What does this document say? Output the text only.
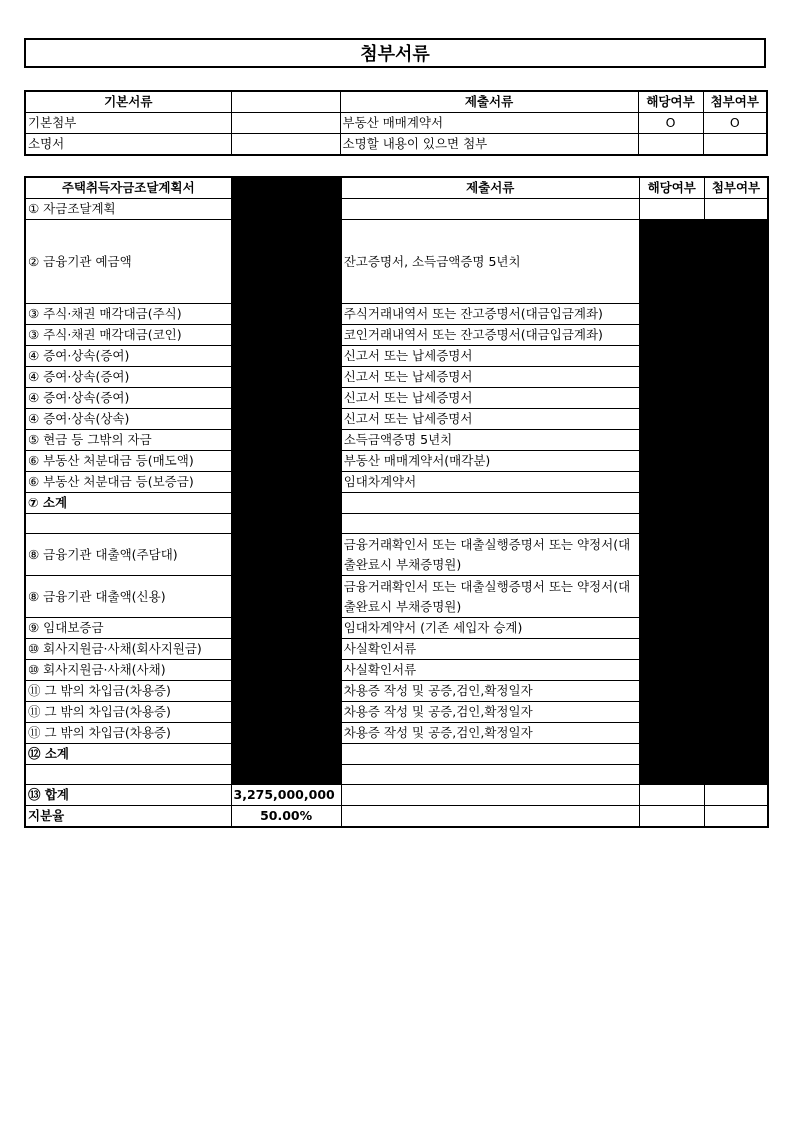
첨부서류
기본서류		제출서류	해당여부	첨부여부
기본첨부		부동산 매매계약서	O	O
소명서		소명할 내용이 있으면 첨부		
주택취득자금조달계획서		제출서류	해당여부	첨부여부
① 자금조달계획				
② 금융기관 예금액		잔고증명서, 소득금액증명 5년치		
③ 주식·채권 매각대금(주식)		주식거래내역서 또는 잔고증명서(대금입금계좌)		
③ 주식·채권 매각대금(코인)		코인거래내역서 또는 잔고증명서(대금입금계좌)		
④ 증여·상속(증여)		신고서 또는 납세증명서		
④ 증여·상속(증여)		신고서 또는 납세증명서		
④ 증여·상속(증여)		신고서 또는 납세증명서		
④ 증여·상속(상속)		신고서 또는 납세증명서		
⑤ 현금 등 그밖의 자금		소득금액증명 5년치		
⑥ 부동산 처분대금 등(매도액)		부동산 매매계약서(매각분)		
⑥ 부동산 처분대금 등(보증금)		임대차계약서		
⑦ 소계				

⑧ 금융기관 대출액(주담대)		금융거래확인서 또는 대출실행증명서 또는 약정서(대출완료시 부채증명원)		
⑧ 금융기관 대출액(신용)		금융거래확인서 또는 대출실행증명서 또는 약정서(대출완료시 부채증명원)		
⑨ 임대보증금		임대차계약서 (기존 세입자 승계)		
⑩ 회사지원금·사채(회사지원금)		사실확인서류		
⑩ 회사지원금·사채(사채)		사실확인서류		
⑪ 그 밖의 차입금(차용증)		차용증 작성 및 공증,검인,확정일자		
⑪ 그 밖의 차입금(차용증)		차용증 작성 및 공증,검인,확정일자		
⑪ 그 밖의 차입금(차용증)		차용증 작성 및 공증,검인,확정일자		
⑫ 소계				

⑬ 합계	3,275,000,000			
지분율	50.00%			
